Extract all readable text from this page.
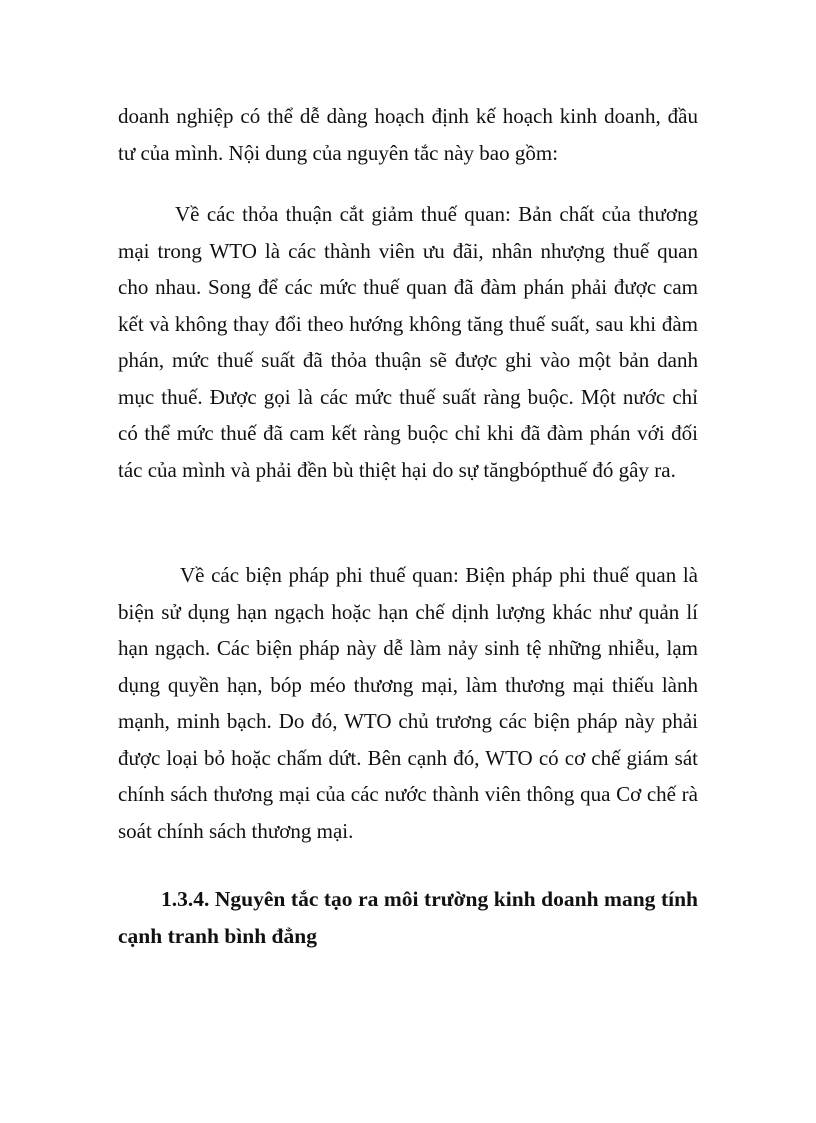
doanh nghiệp có thể dễ dàng hoạch định kế hoạch kinh doanh, đầu tư của mình. Nội dung của nguyên tắc này bao gồm:

Về các thỏa thuận cắt giảm thuế quan: Bản chất của thương mại trong WTO là các thành viên ưu đãi, nhân nhượng thuế quan cho nhau. Song để các mức thuế quan đã đàm phán phải được cam kết và không thay đổi theo hướng không tăng thuế suất, sau khi đàm phán, mức thuế suất đã thỏa thuận sẽ được ghi vào một bản danh mục thuế. Được gọi là các mức thuế suất ràng buộc. Một nước chỉ có thể mức thuế đã cam kết ràng buộc chỉ khi đã đàm phán với đối tác của mình và phải đền bù thiệt hại do sự tăngbópthuế đó gây ra.

Về các biện pháp phi thuế quan: Biện pháp phi thuế quan là biện sử dụng hạn ngạch hoặc hạn chế dịnh lượng khác như quản lí hạn ngạch. Các biện pháp này dễ làm nảy sinh tệ những nhiễu, lạm dụng quyền hạn, bóp méo thương mại, làm thương mại thiếu lành mạnh, minh bạch. Do đó, WTO chủ trương các biện pháp này phải được loại bỏ hoặc chấm dứt. Bên cạnh đó, WTO có cơ chế giám sát chính sách thương mại của các nước thành viên thông qua Cơ chế rà soát chính sách thương mại.

1.3.4. Nguyên tắc tạo ra môi trường kinh doanh mang tính cạnh tranh bình đẳng
